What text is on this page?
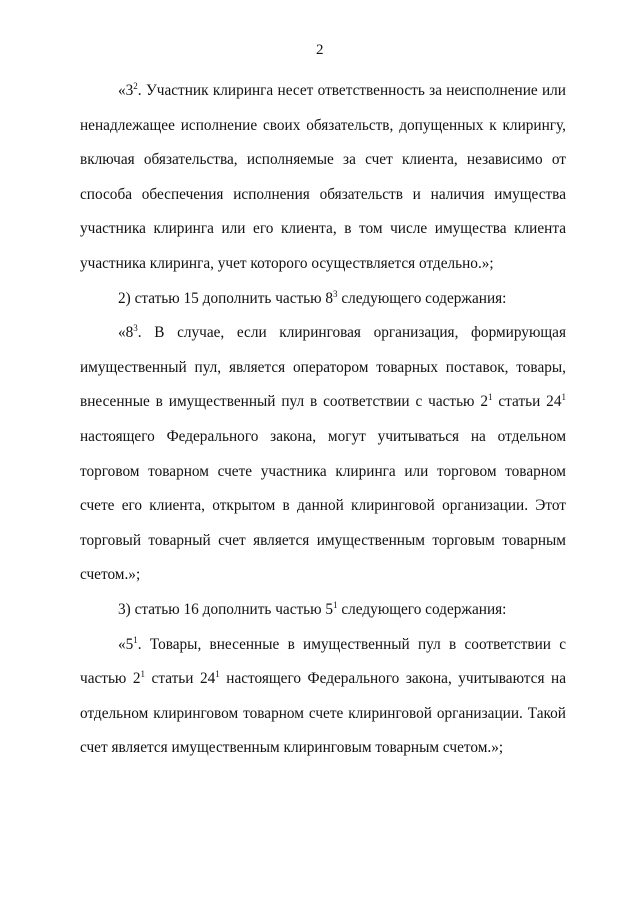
2

«$3^2$. Участник клиринга несет ответственность за неисполнение или ненадлежащее исполнение своих обязательств, допущенных к клирингу, включая обязательства, исполняемые за счет клиента, независимо от способа обеспечения исполнения обязательств и наличия имущества участника клиринга или его клиента, в том числе имущества клиента участника клиринга, учет которого осуществляется отдельно.»;

2) статью 15 дополнить частью $8^3$ следующего содержания:

«$8^3$. В случае, если клиринговая организация, формирующая имущественный пул, является оператором товарных поставок, товары, внесенные в имущественный пул в соответствии с частью $2^1$ статьи $24^1$ настоящего Федерального закона, могут учитываться на отдельном торговом товарном счете участника клиринга или торговом товарном счете его клиента, открытом в данной клиринговой организации. Этот торговый товарный счет является имущественным торговым товарным счетом.»;

3) статью 16 дополнить частью $5^1$ следующего содержания:

«$5^1$. Товары, внесенные в имущественный пул в соответствии с частью $2^1$ статьи $24^1$ настоящего Федерального закона, учитываются на отдельном клиринговом товарном счете клиринговой организации. Такой счет является имущественным клиринговым товарным счетом.»;
